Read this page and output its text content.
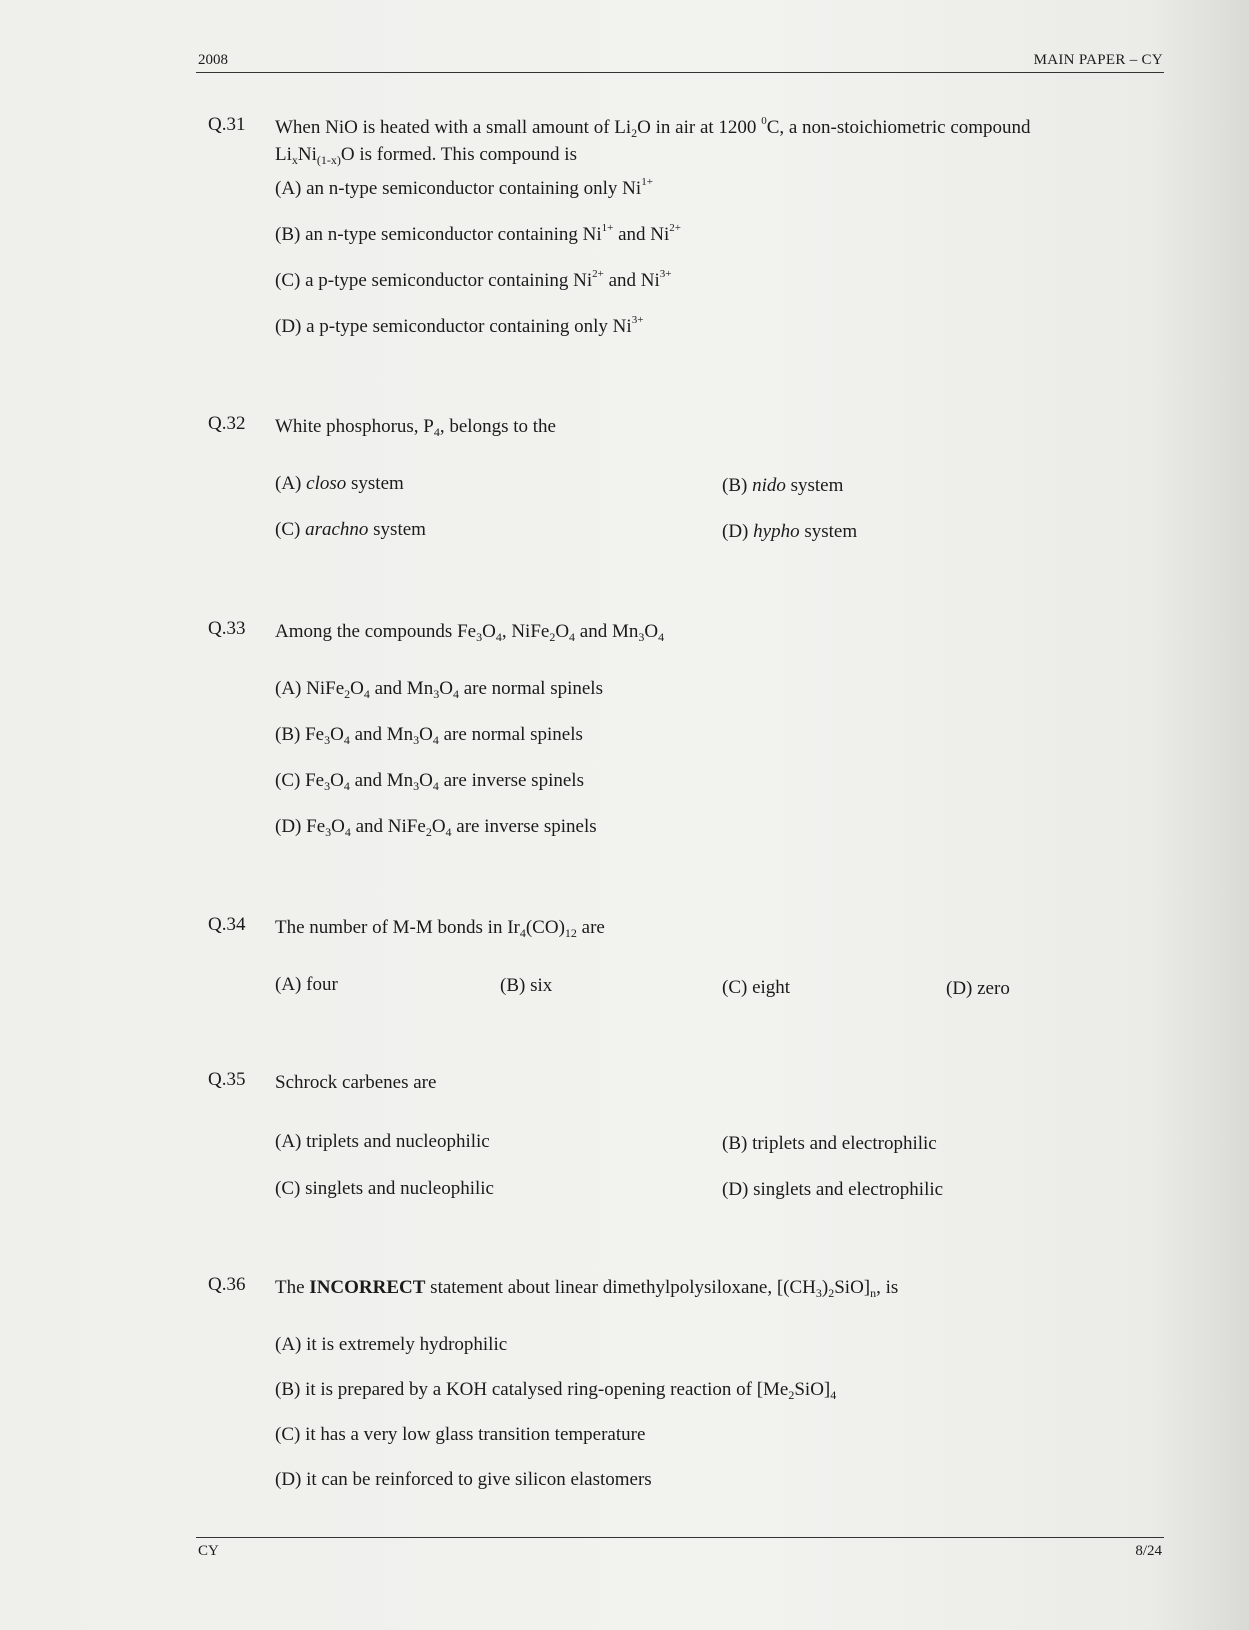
2008	MAIN PAPER – CY
Q.31 When NiO is heated with a small amount of $Li_2O$ in air at 1200 $^0$C, a non-stoichiometric compound
$Li_xNi_{(1-x)}O$ is formed. This compound is
(A) an n-type semiconductor containing only $Ni^{1+}$
(B) an n-type semiconductor containing $Ni^{1+}$ and $Ni^{2+}$
(C) a p-type semiconductor containing $Ni^{2+}$ and $Ni^{3+}$
(D) a p-type semiconductor containing only $Ni^{3+}$
Q.32 White phosphorus, $P_4$, belongs to the
(A) closo system	(B) nido system
(C) arachno system	(D) hypho system
Q.33 Among the compounds $Fe_3O_4$, $NiFe_2O_4$ and $Mn_3O_4$
(A) $NiFe_2O_4$ and $Mn_3O_4$ are normal spinels
(B) $Fe_3O_4$ and $Mn_3O_4$ are normal spinels
(C) $Fe_3O_4$ and $Mn_3O_4$ are inverse spinels
(D) $Fe_3O_4$ and $NiFe_2O_4$ are inverse spinels
Q.34 The number of M-M bonds in $Ir_4(CO)_{12}$ are
(A) four	(B) six	(C) eight	(D) zero
Q.35 Schrock carbenes are
(A) triplets and nucleophilic	(B) triplets and electrophilic
(C) singlets and nucleophilic	(D) singlets and electrophilic
Q.36 The INCORRECT statement about linear dimethylpolysiloxane, $[(CH_3)_2SiO]_n$, is
(A) it is extremely hydrophilic
(B) it is prepared by a KOH catalysed ring-opening reaction of $[Me_2SiO]_4$
(C) it has a very low glass transition temperature
(D) it can be reinforced to give silicon elastomers
CY	8/24
